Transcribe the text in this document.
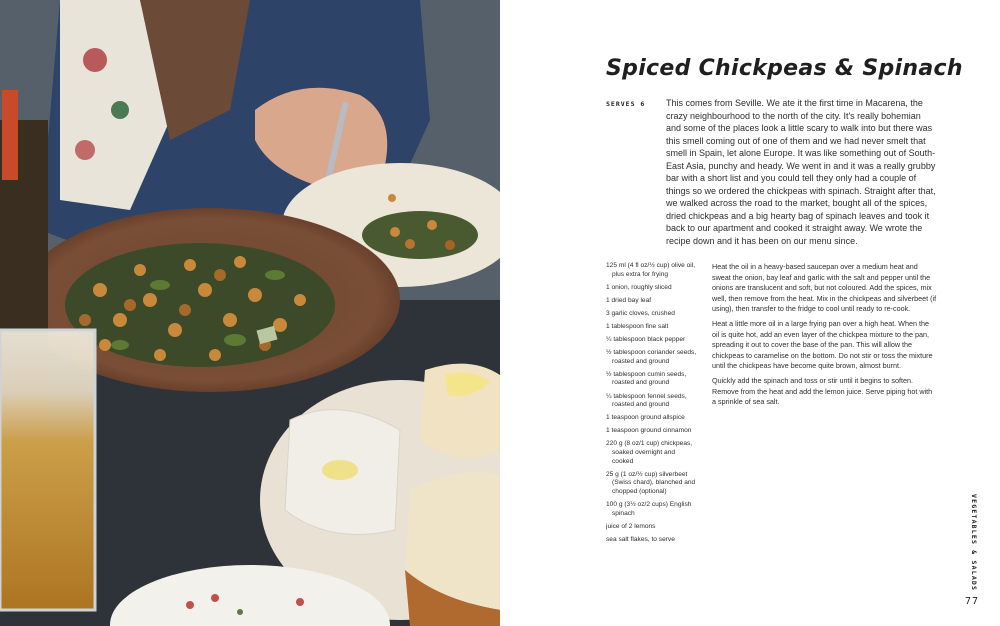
Spiced Chickpeas & Spinach
SERVES 6 This comes from Seville. We ate it the first time in Macarena, the crazy neighbourhood to the north of the city. It's really bohemian and some of the places look a little scary to walk into but there was this smell coming out of one of them and we had never smelt that smell in Spain, let alone Europe. It was like something out of South-East Asia, punchy and heady. We went in and it was a really grubby bar with a short list and you could tell they only had a couple of things so we ordered the chickpeas with spinach. Straight after that, we walked across the road to the market, bought all of the spices, dried chickpeas and a big hearty bag of spinach leaves and took it back to our apartment and cooked it straight away. We wrote the recipe down and it has been on our menu since.

125 ml (4 fl oz/½ cup) olive oil, plus extra for frying
1 onion, roughly sliced
1 dried bay leaf
3 garlic cloves, crushed
1 tablespoon fine salt
¼ tablespoon black pepper
½ tablespoon coriander seeds, roasted and ground
½ tablespoon cumin seeds, roasted and ground
¼ tablespoon fennel seeds, roasted and ground
1 teaspoon ground allspice
1 teaspoon ground cinnamon
220 g (8 oz/1 cup) chickpeas, soaked overnight and cooked
25 g (1 oz/½ cup) silverbeet (Swiss chard), blanched and chopped (optional)
100 g (3½ oz/2 cups) English spinach
juice of 2 lemons
sea salt flakes, to serve

Heat the oil in a heavy-based saucepan over a medium heat and sweat the onion, bay leaf and garlic with the salt and pepper until the onions are translucent and soft, but not coloured. Add the spices, mix well, then remove from the heat. Mix in the chickpeas and silverbeet (if using), then transfer to the fridge to cool until ready to re-cook.

Heat a little more oil in a large frying pan over a high heat. When the oil is quite hot, add an even layer of the chickpea mixture to the pan, spreading it out to cover the base of the pan. This will allow the chickpeas to caramelise on the bottom. Do not stir or toss the mixture until the chickpeas have become quite brown, almost burnt.

Quickly add the spinach and toss or stir until it begins to soften. Remove from the heat and add the lemon juice. Serve piping hot with a sprinkle of sea salt.

VEGETABLES & SALADS
77
